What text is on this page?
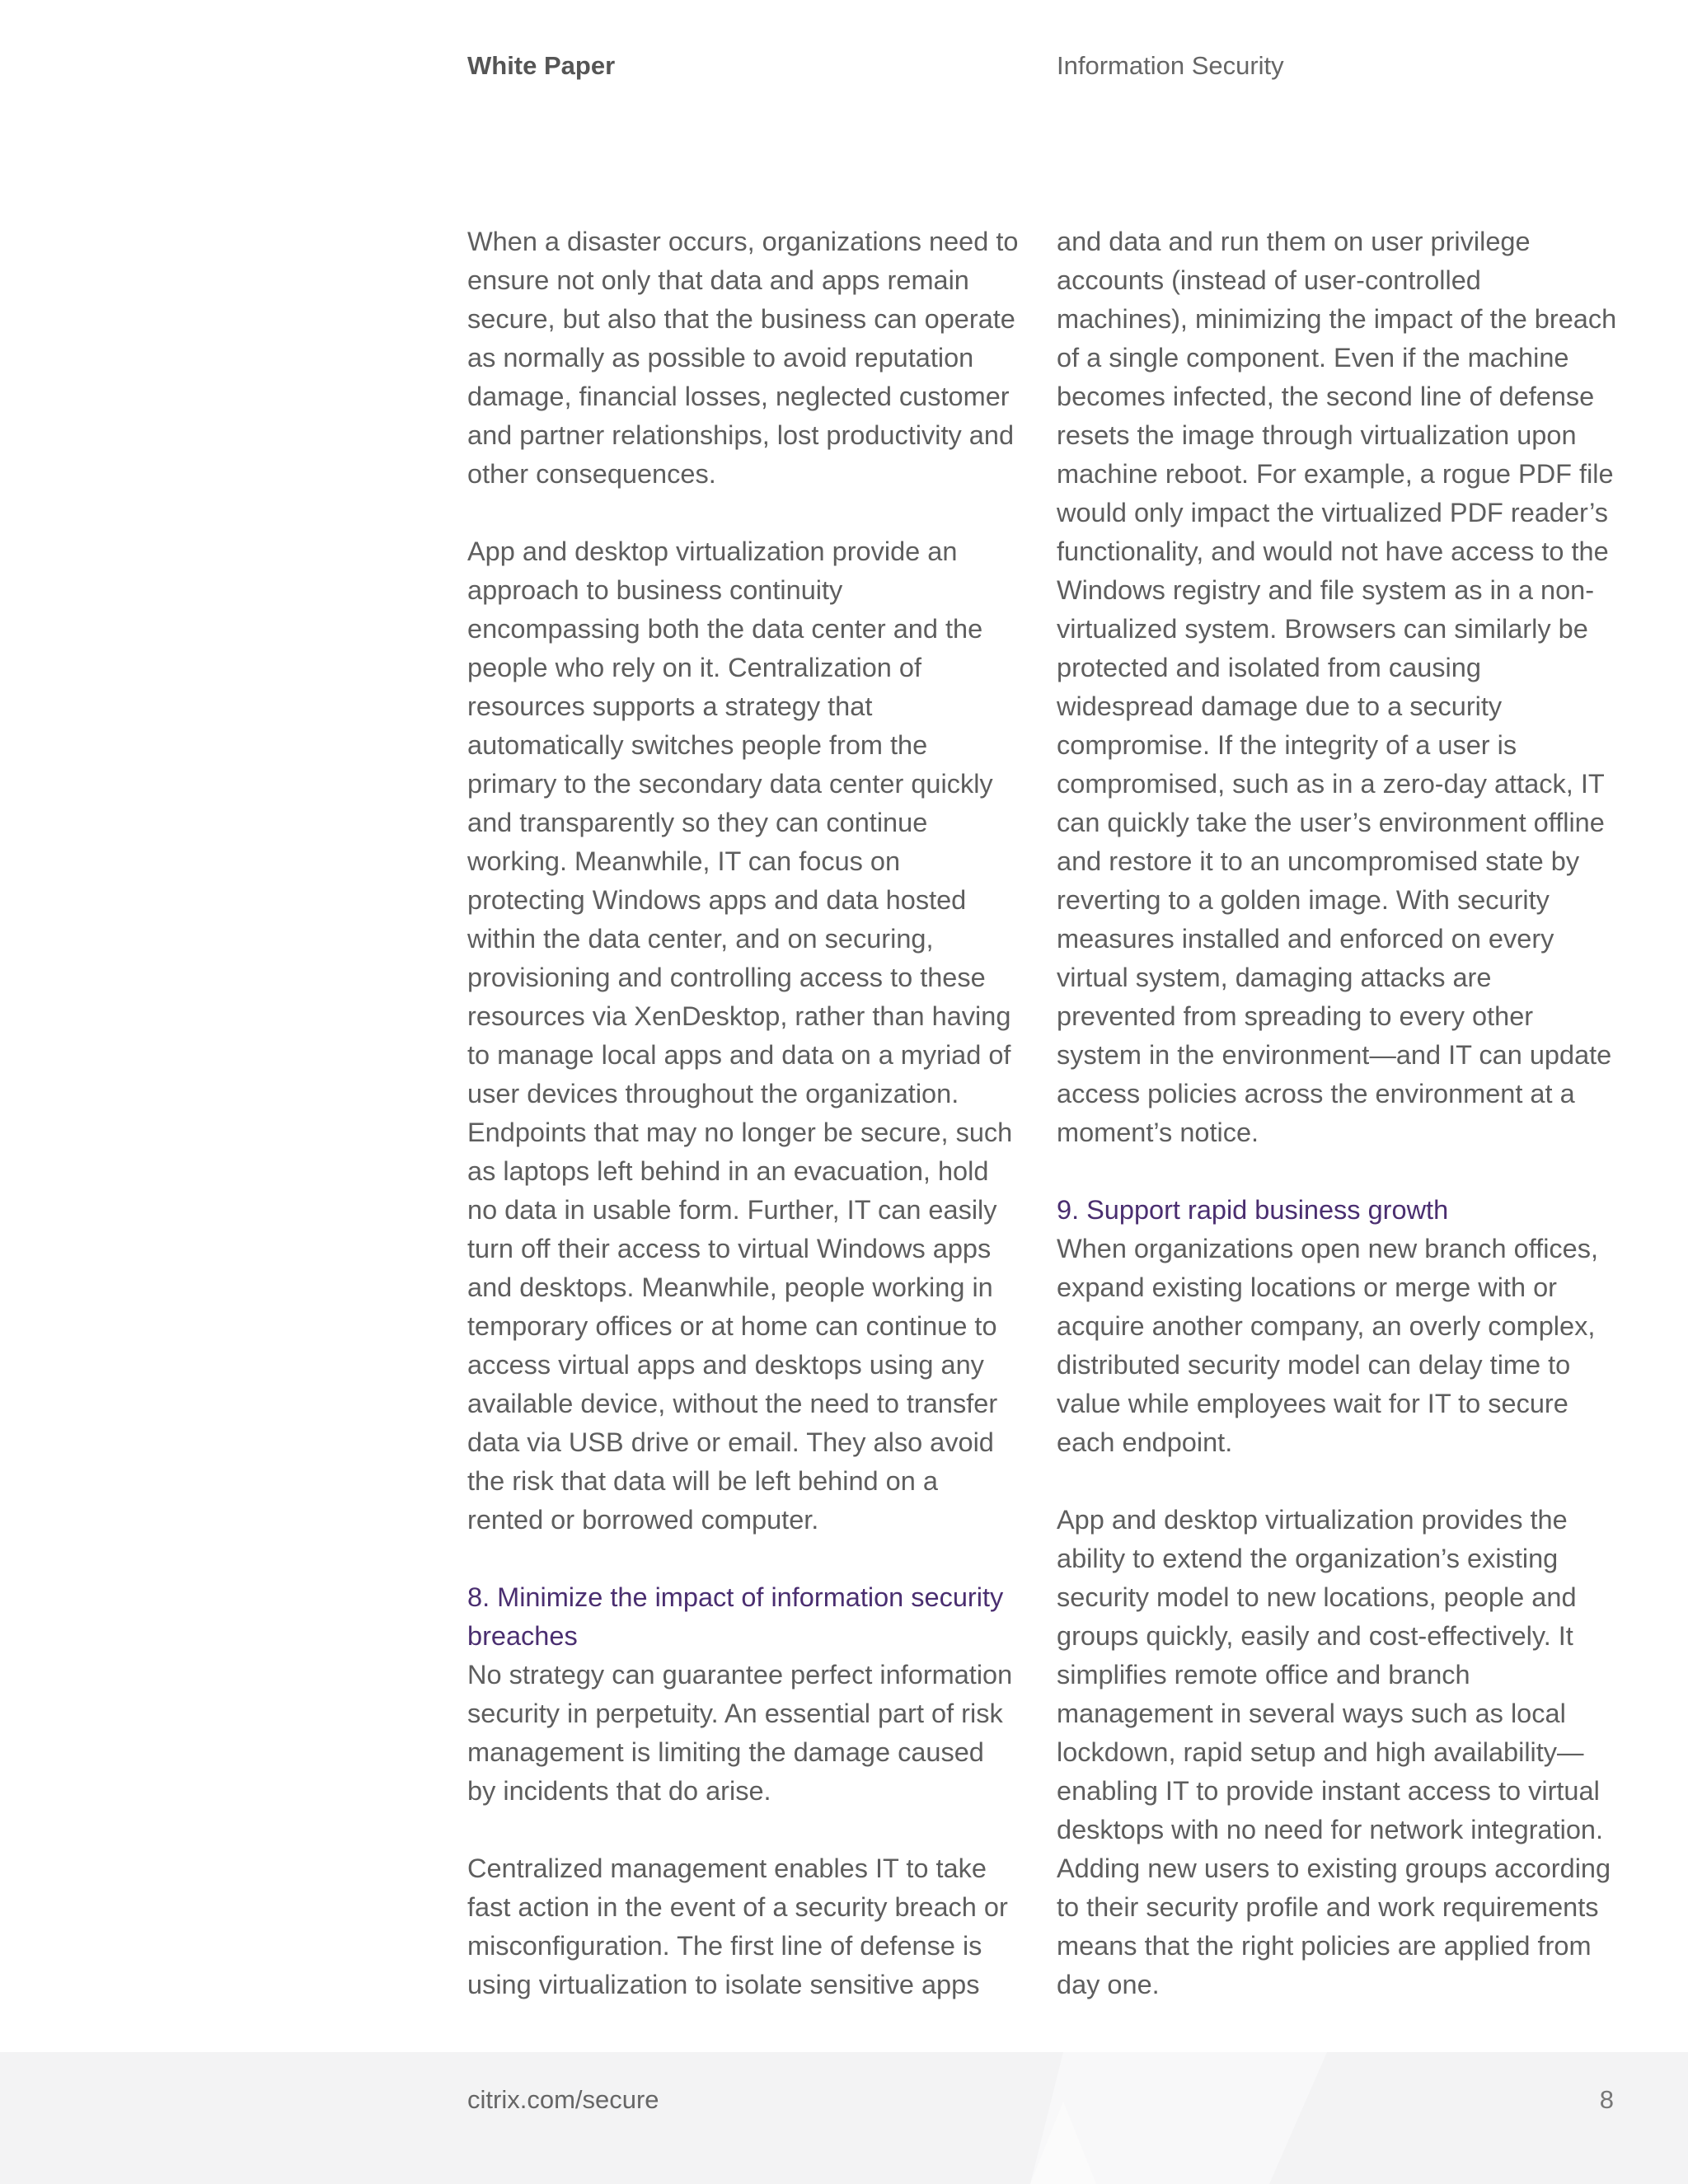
White Paper	Information Security

When a disaster occurs, organizations need to ensure not only that data and apps remain secure, but also that the business can operate as normally as possible to avoid reputation damage, financial losses, neglected customer and partner relationships, lost productivity and other consequences.

App and desktop virtualization provide an approach to business continuity encompassing both the data center and the people who rely on it. Centralization of resources supports a strategy that automatically switches people from the primary to the secondary data center quickly and transparently so they can continue working. Meanwhile, IT can focus on protecting Windows apps and data hosted within the data center, and on securing, provisioning and controlling access to these resources via XenDesktop, rather than having to manage local apps and data on a myriad of user devices throughout the organization. Endpoints that may no longer be secure, such as laptops left behind in an evacuation, hold no data in usable form. Further, IT can easily turn off their access to virtual Windows apps and desktops. Meanwhile, people working in temporary offices or at home can continue to access virtual apps and desktops using any available device, without the need to transfer data via USB drive or email. They also avoid the risk that data will be left behind on a rented or borrowed computer.

8. Minimize the impact of information security breaches

No strategy can guarantee perfect information security in perpetuity. An essential part of risk management is limiting the damage caused by incidents that do arise.

Centralized management enables IT to take fast action in the event of a security breach or misconfiguration. The first line of defense is using virtualization to isolate sensitive apps

and data and run them on user privilege accounts (instead of user-controlled machines), minimizing the impact of the breach of a single component. Even if the machine becomes infected, the second line of defense resets the image through virtualization upon machine reboot. For example, a rogue PDF file would only impact the virtualized PDF reader’s functionality, and would not have access to the Windows registry and file system as in a non-virtualized system. Browsers can similarly be protected and isolated from causing widespread damage due to a security compromise. If the integrity of a user is compromised, such as in a zero-day attack, IT can quickly take the user’s environment offline and restore it to an uncompromised state by reverting to a golden image. With security measures installed and enforced on every virtual system, damaging attacks are prevented from spreading to every other system in the environment—and IT can update access policies across the environment at a moment’s notice.

9. Support rapid business growth

When organizations open new branch offices, expand existing locations or merge with or acquire another company, an overly complex, distributed security model can delay time to value while employees wait for IT to secure each endpoint.

App and desktop virtualization provides the ability to extend the organization’s existing security model to new locations, people and groups quickly, easily and cost-effectively. It simplifies remote office and branch management in several ways such as local lockdown, rapid setup and high availability—enabling IT to provide instant access to virtual desktops with no need for network integration. Adding new users to existing groups according to their security profile and work requirements means that the right policies are applied from day one.

citrix.com/secure	8
